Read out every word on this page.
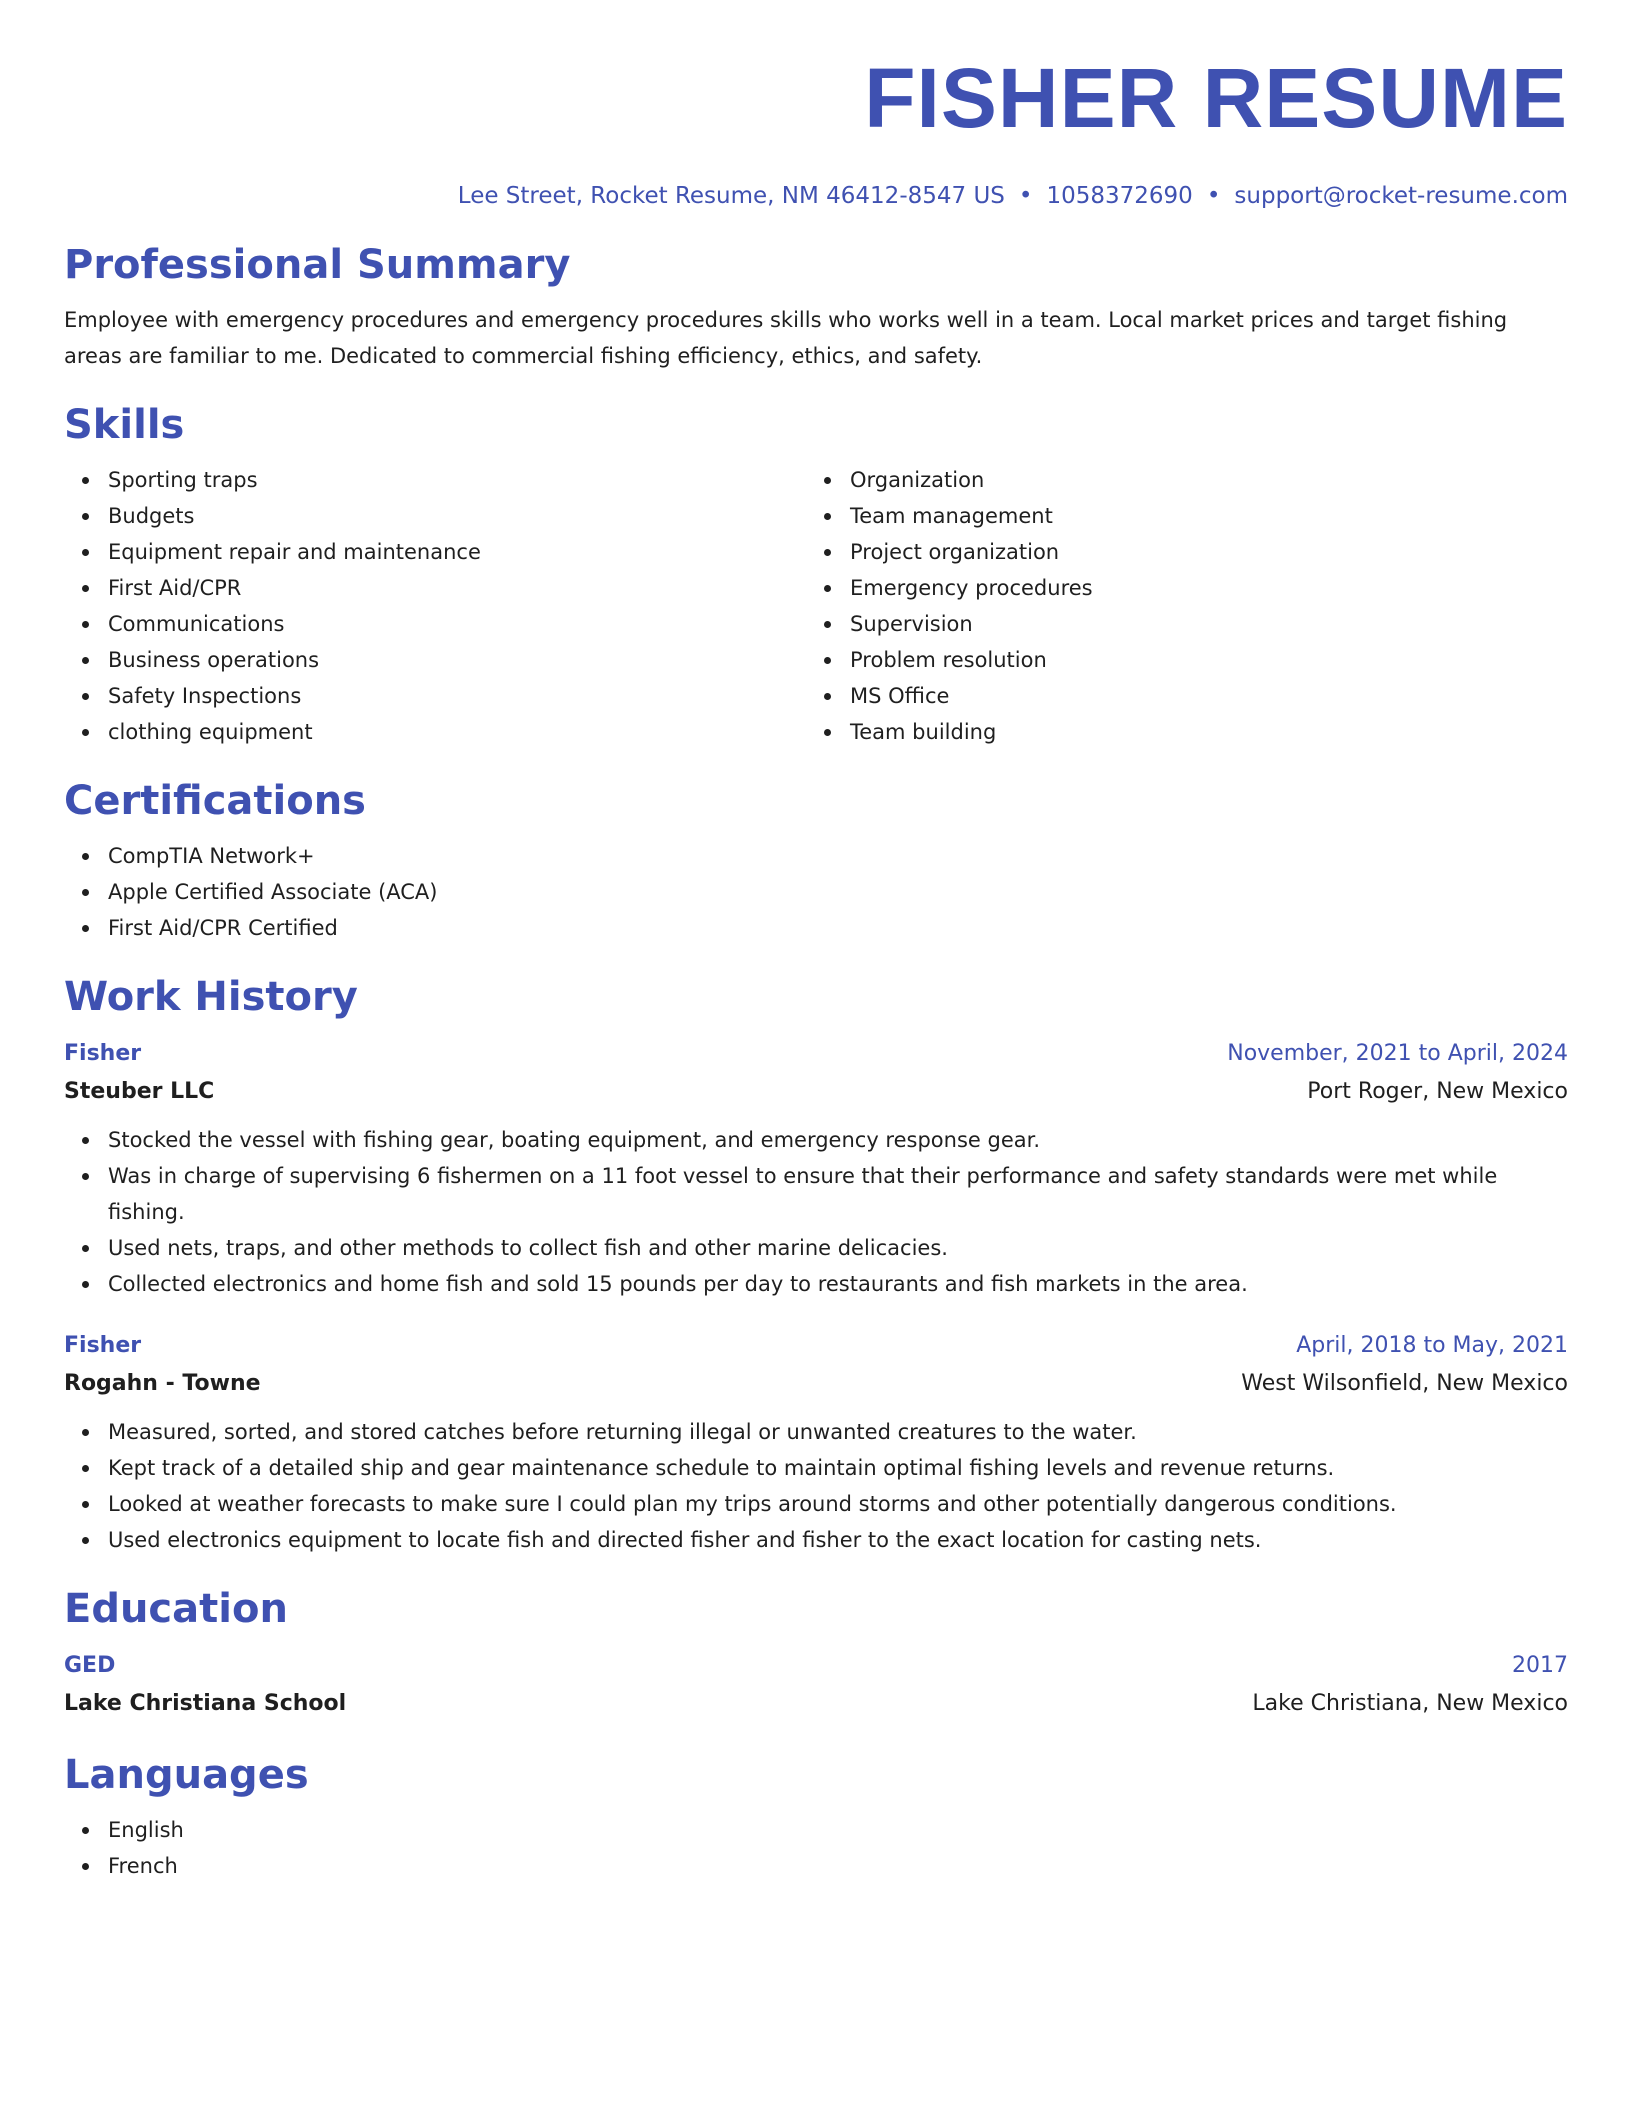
FISHER RESUME
Lee Street, Rocket Resume, NM 46412-8547 US • 1058372690 • support@rocket-resume.com
Professional Summary

Employee with emergency procedures and emergency procedures skills who works well in a team. Local market prices and target fishing areas are familiar to me. Dedicated to commercial fishing efficiency, ethics, and safety.

Skills
Sporting traps
Budgets
Equipment repair and maintenance
First Aid/CPR
Communications
Business operations
Safety Inspections
clothing equipment
Organization
Team management
Project organization
Emergency procedures
Supervision
Problem resolution
MS Office
Team building
Certifications
CompTIA Network+
Apple Certified Associate (ACA)
First Aid/CPR Certified
Work History
Fisher	November, 2021 to April, 2024
Steuber LLC	Port Roger, New Mexico
Stocked the vessel with fishing gear, boating equipment, and emergency response gear.
Was in charge of supervising 6 fishermen on a 11 foot vessel to ensure that their performance and safety standards were met while fishing.
Used nets, traps, and other methods to collect fish and other marine delicacies.
Collected electronics and home fish and sold 15 pounds per day to restaurants and fish markets in the area.
Fisher	April, 2018 to May, 2021
Rogahn - Towne	West Wilsonfield, New Mexico
Measured, sorted, and stored catches before returning illegal or unwanted creatures to the water.
Kept track of a detailed ship and gear maintenance schedule to maintain optimal fishing levels and revenue returns.
Looked at weather forecasts to make sure I could plan my trips around storms and other potentially dangerous conditions.
Used electronics equipment to locate fish and directed fisher and fisher to the exact location for casting nets.
Education
GED	2017
Lake Christiana School	Lake Christiana, New Mexico
Languages
English
French
